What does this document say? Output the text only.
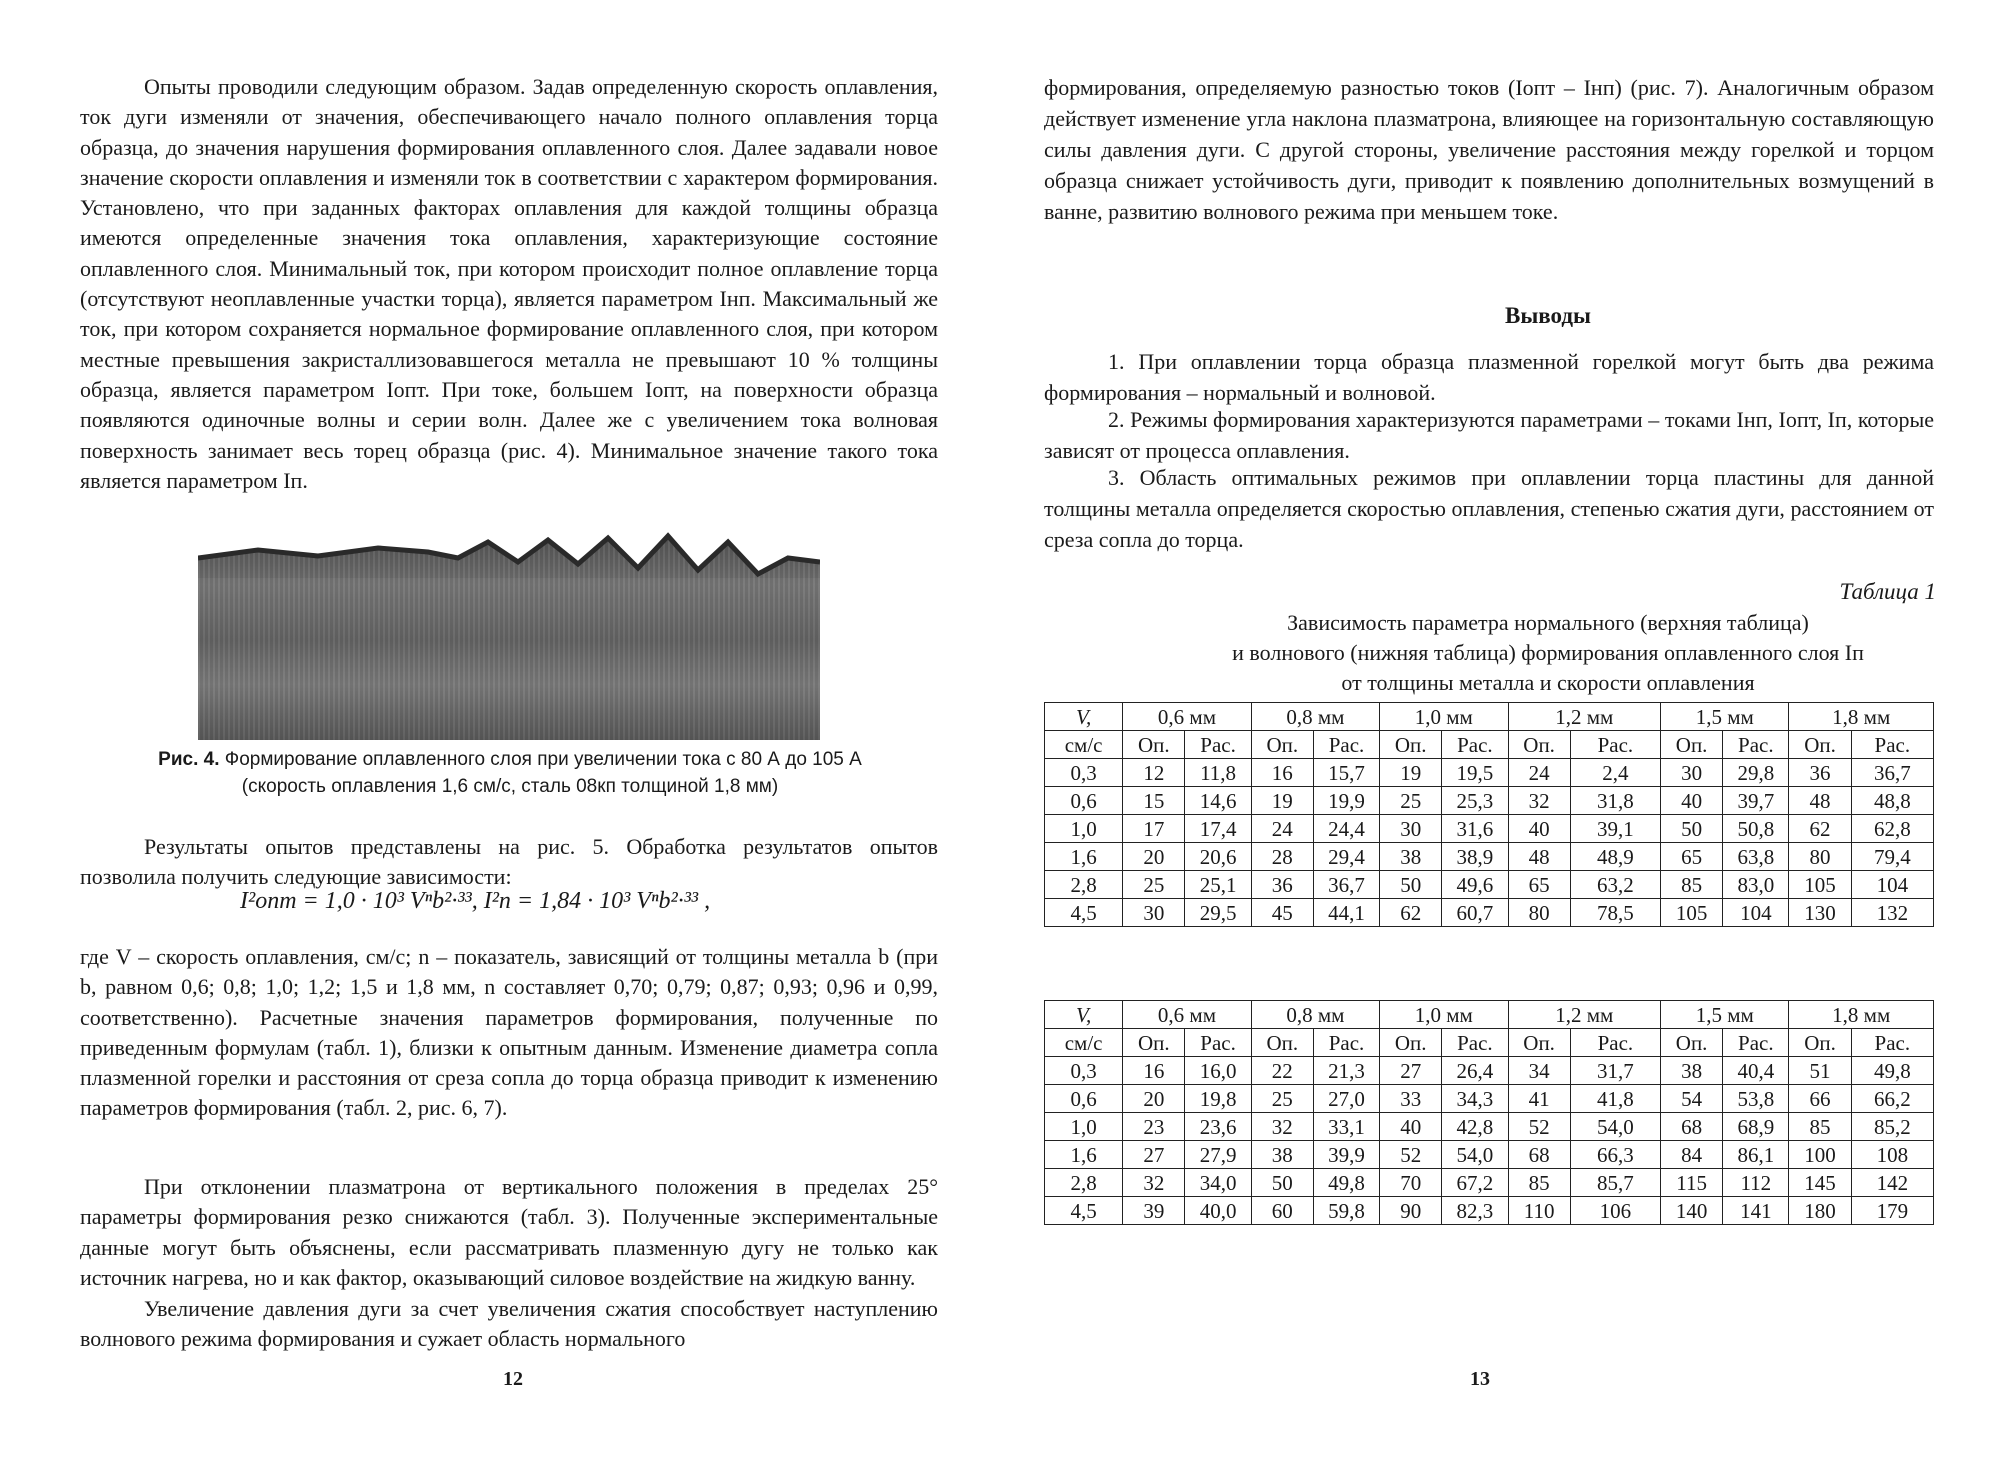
Опыты проводили следующим образом. Задав определенную скорость оплавления, ток дуги изменяли от значения, обеспечивающего начало полного оплавления торца образца, до значения нарушения формирования оплавленного слоя. Далее задавали новое значение скорости оплавления и изменяли ток в соответствии с характером формирования. Установлено, что при заданных факторах оплавления для каждой толщины образца имеются определенные значения тока оплавления, характеризующие состояние оплавленного слоя. Минимальный ток, при котором происходит полное оплавление торца (отсутствуют неоплавленные участки торца), является параметром Iнп. Максимальный же ток, при котором сохраняется нормальное формирование оплавленного слоя, при котором местные превышения закристаллизовавшегося металла не превышают 10 % толщины образца, является параметром Iопт. При токе, большем Iопт, на поверхности образца появляются одиночные волны и серии волн. Далее же с увеличением тока волновая поверхность занимает весь торец образца (рис. 4). Минимальное значение такого тока является параметром Iп.

Рис. 4. Формирование оплавленного слоя при увеличении тока с 80 А до 105 А
(скорость оплавления 1,6 см/с, сталь 08кп толщиной 1,8 мм)

Результаты опытов представлены на рис. 5. Обработка результатов опытов позволила получить следующие зависимости:

I²опт = 1,0 · 10³ Vⁿb²·³³, I²п = 1,84 · 10³ Vⁿb²·³³ ,

где V – скорость оплавления, см/с; n – показатель, зависящий от толщины металла b (при b, равном 0,6; 0,8; 1,0; 1,2; 1,5 и 1,8 мм, n составляет 0,70; 0,79; 0,87; 0,93; 0,96 и 0,99, соответственно). Расчетные значения параметров формирования, полученные по приведенным формулам (табл. 1), близки к опытным данным. Изменение диаметра сопла плазменной горелки и расстояния от среза сопла до торца образца приводит к изменению параметров формирования (табл. 2, рис. 6, 7).

При отклонении плазматрона от вертикального положения в пределах 25° параметры формирования резко снижаются (табл. 3). Полученные экспериментальные данные могут быть объяснены, если рассматривать плазменную дугу не только как источник нагрева, но и как фактор, оказывающий силовое воздействие на жидкую ванну.

Увеличение давления дуги за счет увеличения сжатия способствует наступлению волнового режима формирования и сужает область нормального

12

формирования, определяемую разностью токов (Iопт – Iнп) (рис. 7). Аналогичным образом действует изменение угла наклона плазматрона, влияющее на горизонтальную составляющую силы давления дуги. С другой стороны, увеличение расстояния между горелкой и торцом образца снижает устойчивость дуги, приводит к появлению дополнительных возмущений в ванне, развитию волнового режима при меньшем токе.

Выводы

1. При оплавлении торца образца плазменной горелкой могут быть два режима формирования – нормальный и волновой.

2. Режимы формирования характеризуются параметрами – токами Iнп, Iопт, Iп, которые зависят от процесса оплавления.

3. Область оптимальных режимов при оплавлении торца пластины для данной толщины металла определяется скоростью оплавления, степенью сжатия дуги, расстоянием от среза сопла до торца.

Таблица 1

Зависимость параметра нормального (верхняя таблица)
и волнового (нижняя таблица) формирования оплавленного слоя Iп
от толщины металла и скорости оплавления

V,	0,6 мм		0,8 мм		1,0 мм		1,2 мм		1,5 мм		1,8 мм	
см/с	Оп.	Рас.	Оп.	Рас.	Оп.	Рас.	Оп.	Рас.	Оп.	Рас.	Оп.	Рас.
0,3	12	11,8	16	15,7	19	19,5	24	2,4	30	29,8	36	36,7
0,6	15	14,6	19	19,9	25	25,3	32	31,8	40	39,7	48	48,8
1,0	17	17,4	24	24,4	30	31,6	40	39,1	50	50,8	62	62,8
1,6	20	20,6	28	29,4	38	38,9	48	48,9	65	63,8	80	79,4
2,8	25	25,1	36	36,7	50	49,6	65	63,2	85	83,0	105	104
4,5	30	29,5	45	44,1	62	60,7	80	78,5	105	104	130	132
V,	0,6 мм		0,8 мм		1,0 мм		1,2 мм		1,5 мм		1,8 мм	
см/с	Оп.	Рас.	Оп.	Рас.	Оп.	Рас.	Оп.	Рас.	Оп.	Рас.	Оп.	Рас.
0,3	16	16,0	22	21,3	27	26,4	34	31,7	38	40,4	51	49,8
0,6	20	19,8	25	27,0	33	34,3	41	41,8	54	53,8	66	66,2
1,0	23	23,6	32	33,1	40	42,8	52	54,0	68	68,9	85	85,2
1,6	27	27,9	38	39,9	52	54,0	68	66,3	84	86,1	100	108
2,8	32	34,0	50	49,8	70	67,2	85	85,7	115	112	145	142
4,5	39	40,0	60	59,8	90	82,3	110	106	140	141	180	179

13
